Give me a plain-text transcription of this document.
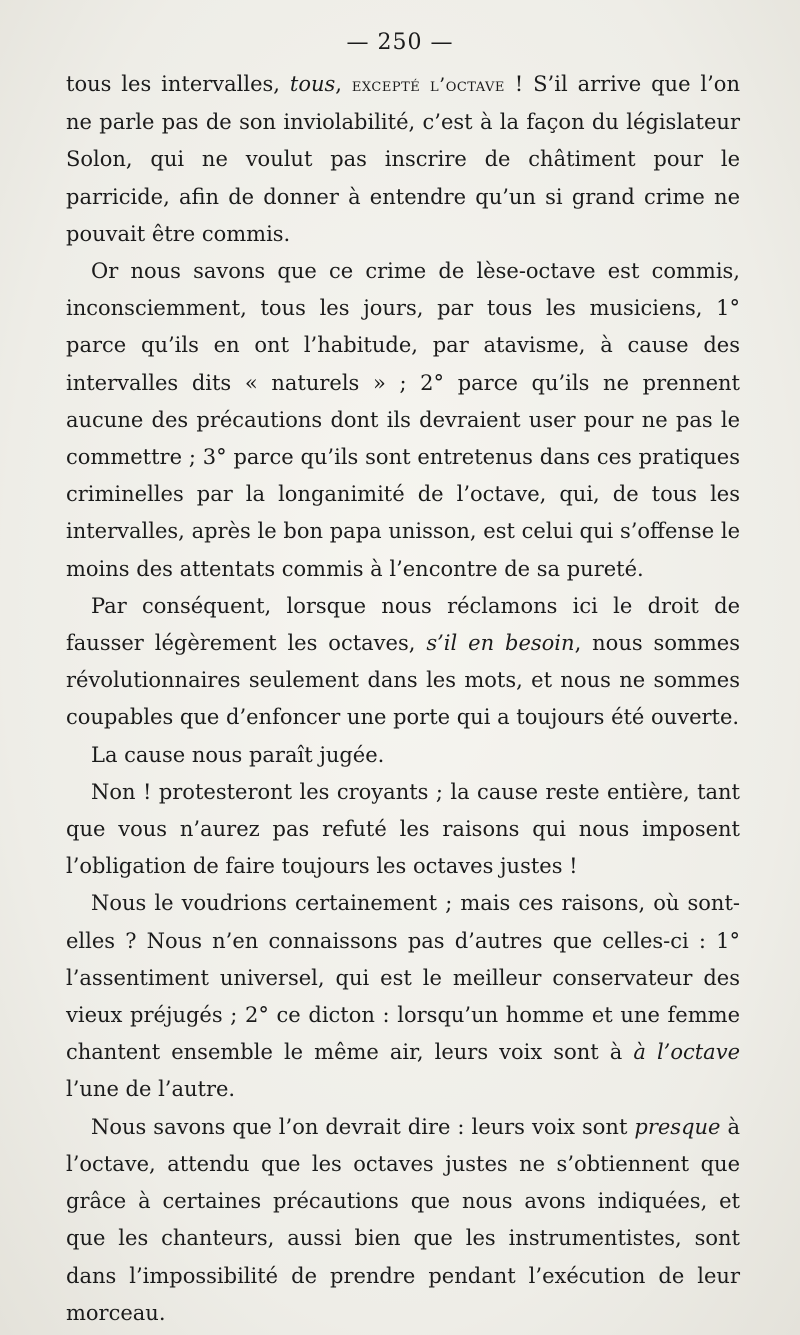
— 250 —

tous les intervalles, tous, excepté l’octave ! S’il arrive que l’on ne parle pas de son inviolabilité, c’est à la façon du législateur Solon, qui ne voulut pas inscrire de châtiment pour le parricide, afin de donner à entendre qu’un si grand crime ne pouvait être commis.

Or nous savons que ce crime de lèse-octave est commis, inconsciemment, tous les jours, par tous les musiciens, 1° parce qu’ils en ont l’habitude, par atavisme, à cause des intervalles dits « naturels » ; 2° parce qu’ils ne prennent aucune des précautions dont ils devraient user pour ne pas le commettre ; 3° parce qu’ils sont entretenus dans ces pratiques criminelles par la longanimité de l’octave, qui, de tous les intervalles, après le bon papa unisson, est celui qui s’offense le moins des attentats commis à l’encontre de sa pureté.

Par conséquent, lorsque nous réclamons ici le droit de fausser légèrement les octaves, s’il en besoin, nous sommes révolutionnaires seulement dans les mots, et nous ne sommes coupables que d’enfoncer une porte qui a toujours été ouverte.

La cause nous paraît jugée.

Non ! protesteront les croyants ; la cause reste entière, tant que vous n’aurez pas refuté les raisons qui nous imposent l’obligation de faire toujours les octaves justes !

Nous le voudrions certainement ; mais ces raisons, où sont-elles ? Nous n’en connaissons pas d’autres que celles-ci : 1° l’assentiment universel, qui est le meilleur conservateur des vieux préjugés ; 2° ce dicton : lorsqu’un homme et une femme chantent ensemble le même air, leurs voix sont à à l’octave l’une de l’autre.

Nous savons que l’on devrait dire : leurs voix sont presque à l’octave, attendu que les octaves justes ne s’obtiennent que grâce à certaines précautions que nous avons indiquées, et que les chanteurs, aussi bien que les instrumentistes, sont dans l’impossibilité de prendre pendant l’exécution de leur morceau.
